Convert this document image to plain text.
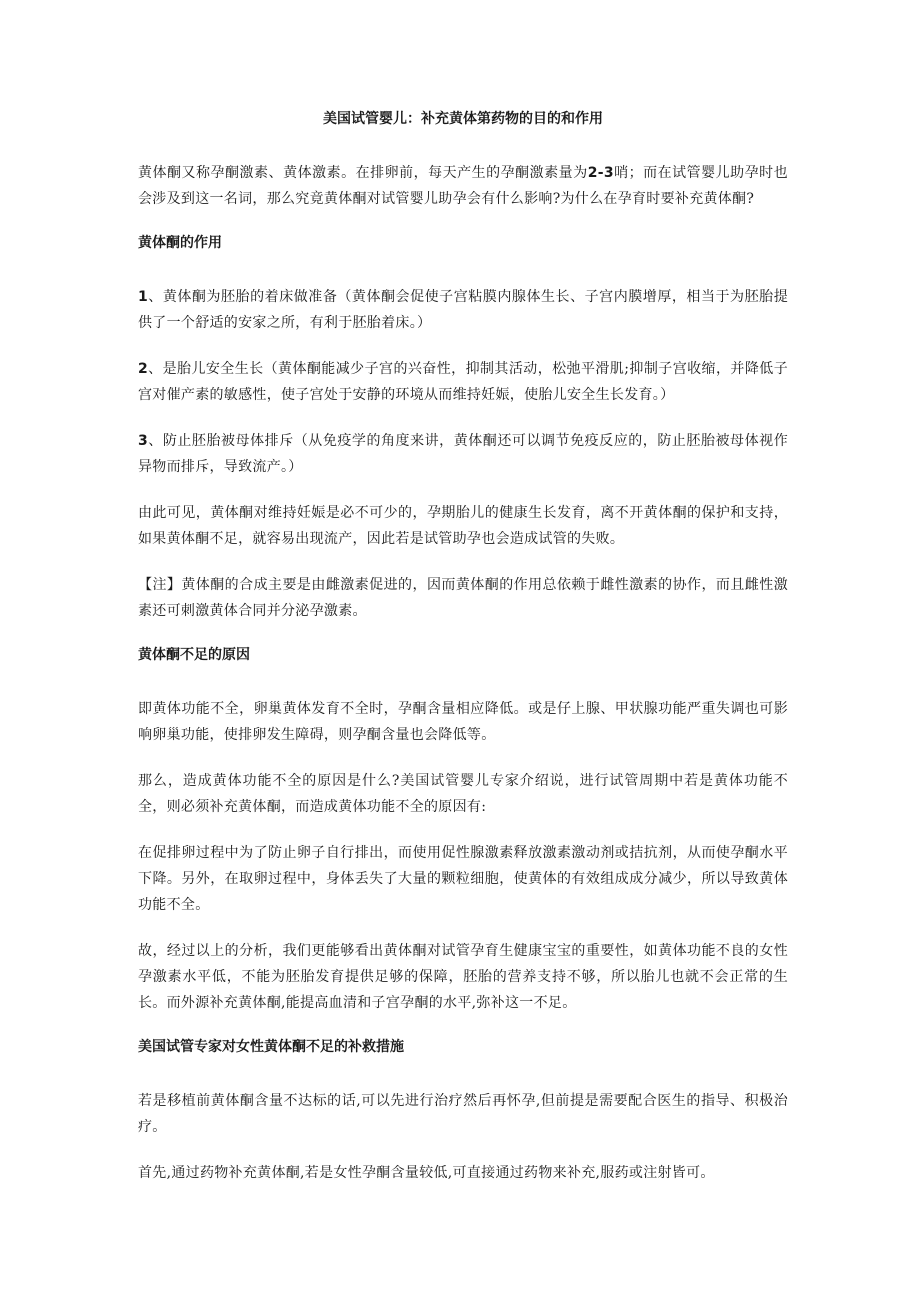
美国试管婴儿：补充黄体第药物的目的和作用

黄体酮又称孕酮激素、黄体激素。在排卵前，每天产生的孕酮激素量为2-3哨；而在试管婴儿助孕时也会涉及到这一名词，那么究竟黄体酮对试管婴儿助孕会有什么影响?为什么在孕育时要补充黄体酮?

黄体酮的作用

1、黄体酮为胚胎的着床做准备（黄体酮会促使子宫粘膜内腺体生长、子宫内膜增厚，相当于为胚胎提供了一个舒适的安家之所，有利于胚胎着床。）

2、是胎儿安全生长（黄体酮能减少子宫的兴奋性，抑制其活动，松弛平滑肌;抑制子宫收缩，并降低子宫对催产素的敏感性，使子宫处于安静的环境从而维持妊娠，使胎儿安全生长发育。）

3、防止胚胎被母体排斥（从免疫学的角度来讲，黄体酮还可以调节免疫反应的，防止胚胎被母体视作异物而排斥，导致流产。）

由此可见，黄体酮对维持妊娠是必不可少的，孕期胎儿的健康生长发育，离不开黄体酮的保护和支持，如果黄体酮不足，就容易出现流产，因此若是试管助孕也会造成试管的失败。

【注】黄体酮的合成主要是由雌激素促进的，因而黄体酮的作用总依赖于雌性激素的协作，而且雌性激素还可刺激黄体合同并分泌孕激素。

黄体酮不足的原因

即黄体功能不全，卵巢黄体发育不全时，孕酮含量相应降低。或是仔上腺、甲状腺功能严重失调也可影响卵巢功能，使排卵发生障碍，则孕酮含量也会降低等。

那么，造成黄体功能不全的原因是什么?美国试管婴儿专家介绍说，进行试管周期中若是黄体功能不全，则必须补充黄体酮，而造成黄体功能不全的原因有:

在促排卵过程中为了防止卵子自行排出，而使用促性腺激素释放激素激动剂或拮抗剂，从而使孕酮水平下降。另外，在取卵过程中，身体丢失了大量的颗粒细胞，使黄体的有效组成成分减少，所以导致黄体功能不全。

故，经过以上的分析，我们更能够看出黄体酮对试管孕育生健康宝宝的重要性，如黄体功能不良的女性孕激素水平低，不能为胚胎发育提供足够的保障，胚胎的营养支持不够，所以胎儿也就不会正常的生长。而外源补充黄体酮,能提高血清和子宫孕酮的水平,弥补这一不足。

美国试管专家对女性黄体酮不足的补救措施

若是移植前黄体酮含量不达标的话,可以先进行治疗然后再怀孕,但前提是需要配合医生的指导、积极治疗。

首先,通过药物补充黄体酮,若是女性孕酮含量较低,可直接通过药物来补充,服药或注射皆可。
